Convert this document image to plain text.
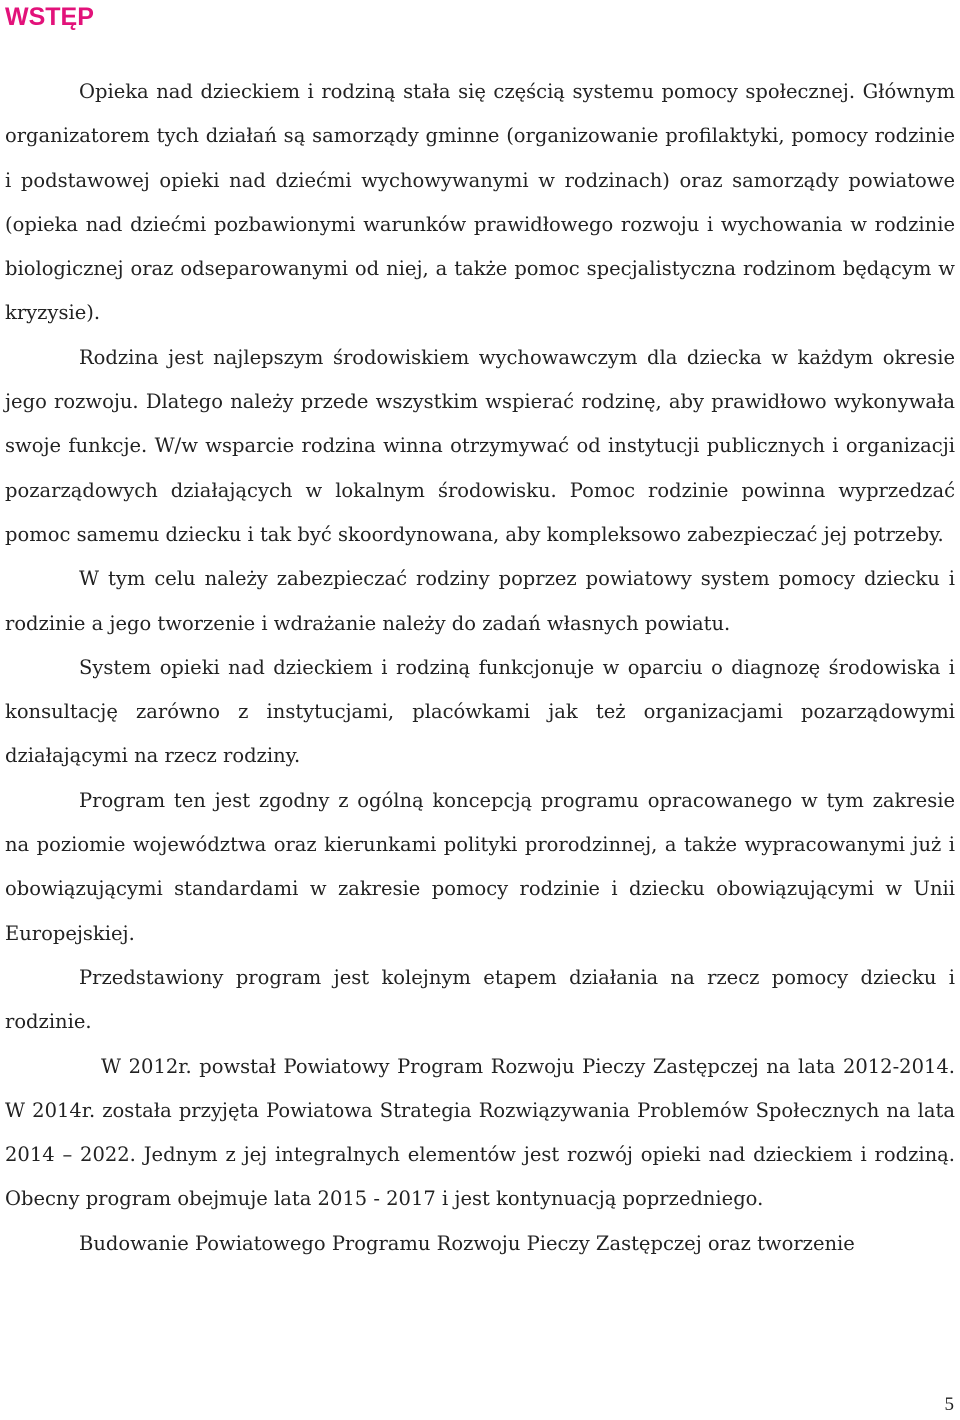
WSTĘP

Opieka nad dzieckiem i rodziną stała się częścią systemu pomocy społecznej. Głównym organizatorem tych działań są samorządy gminne (organizowanie profilaktyki, pomocy rodzinie i podstawowej opieki nad dziećmi wychowywanymi w rodzinach) oraz samorządy powiatowe (opieka nad dziećmi pozbawionymi warunków prawidłowego rozwoju i wychowania w rodzinie biologicznej oraz odseparowanymi od niej, a także pomoc specjalistyczna rodzinom będącym w kryzysie).

Rodzina jest najlepszym środowiskiem wychowawczym dla dziecka w każdym okresie jego rozwoju. Dlatego należy przede wszystkim wspierać rodzinę, aby prawidłowo wykonywała swoje funkcje. W/w wsparcie rodzina winna otrzymywać od instytucji publicznych i organizacji pozarządowych działających w lokalnym środowisku. Pomoc rodzinie powinna wyprzedzać pomoc samemu dziecku i tak być skoordynowana, aby kompleksowo zabezpieczać jej potrzeby.

W tym celu należy zabezpieczać rodziny poprzez powiatowy system pomocy dziecku i rodzinie a jego tworzenie i wdrażanie należy do zadań własnych powiatu.

System opieki nad dzieckiem i rodziną funkcjonuje w oparciu o diagnozę środowiska i konsultację zarówno z instytucjami, placówkami jak też organizacjami pozarządowymi działającymi na rzecz rodziny.

Program ten jest zgodny z ogólną koncepcją programu opracowanego w tym zakresie na poziomie województwa oraz kierunkami polityki prorodzinnej, a także wypracowanymi już i obowiązującymi standardami w zakresie pomocy rodzinie i dziecku obowiązującymi w Unii Europejskiej.

Przedstawiony program jest kolejnym etapem działania na rzecz pomocy dziecku i rodzinie.

W 2012r. powstał Powiatowy Program Rozwoju Pieczy Zastępczej na lata 2012-2014. W 2014r. została przyjęta Powiatowa Strategia Rozwiązywania Problemów Społecznych na lata 2014 – 2022. Jednym z jej integralnych elementów jest rozwój opieki nad dzieckiem i rodziną. Obecny program obejmuje lata 2015 - 2017 i jest kontynuacją poprzedniego.

Budowanie Powiatowego Programu Rozwoju Pieczy Zastępczej oraz tworzenie

5
